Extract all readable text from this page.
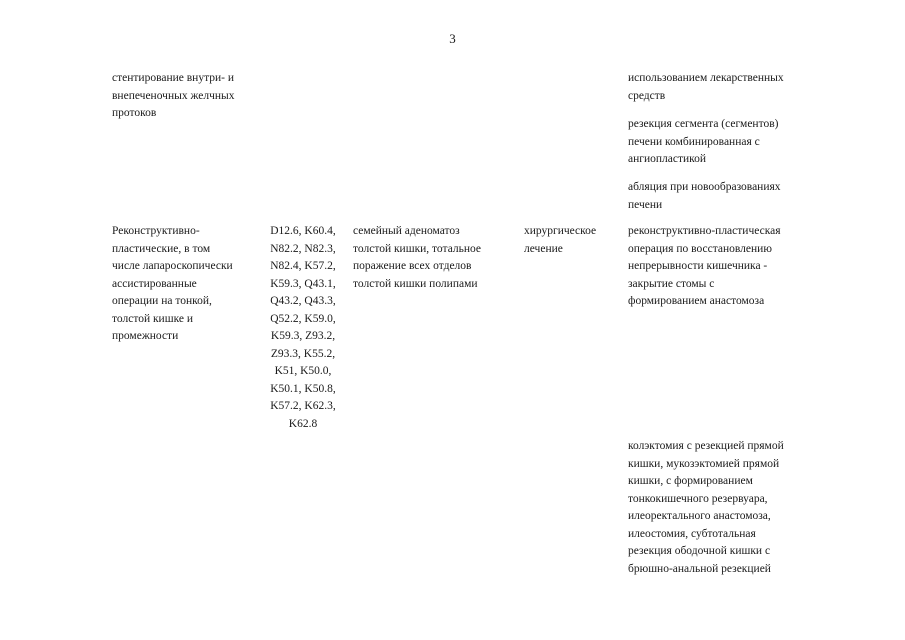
3
стентирование внутри- и
внепеченочных желчных
протоков
использованием лекарственных
средств
резекция сегмента (сегментов)
печени комбинированная с
ангиопластикой
абляция при новообразованиях
печени
Реконструктивно-
пластические, в том
числе лапароскопически
ассистированные
операции на тонкой,
толстой кишке и
промежности
D12.6, K60.4,
N82.2, N82.3,
N82.4, K57.2,
K59.3, Q43.1,
Q43.2, Q43.3,
Q52.2, K59.0,
K59.3, Z93.2,
Z93.3, K55.2,
K51, K50.0,
K50.1, K50.8,
K57.2, K62.3,
K62.8
семейный аденоматоз
толстой кишки, тотальное
поражение всех отделов
толстой кишки полипами
хирургическое
лечение
реконструктивно-пластическая
операция по восстановлению
непрерывности кишечника -
закрытие стомы с
формированием анастомоза
колэктомия с резекцией прямой
кишки, мукозэктомией прямой
кишки, с формированием
тонкокишечного резервуара,
илеоректального анастомоза,
илеостомия, субтотальная
резекция ободочной кишки с
брюшно-анальной резекцией
